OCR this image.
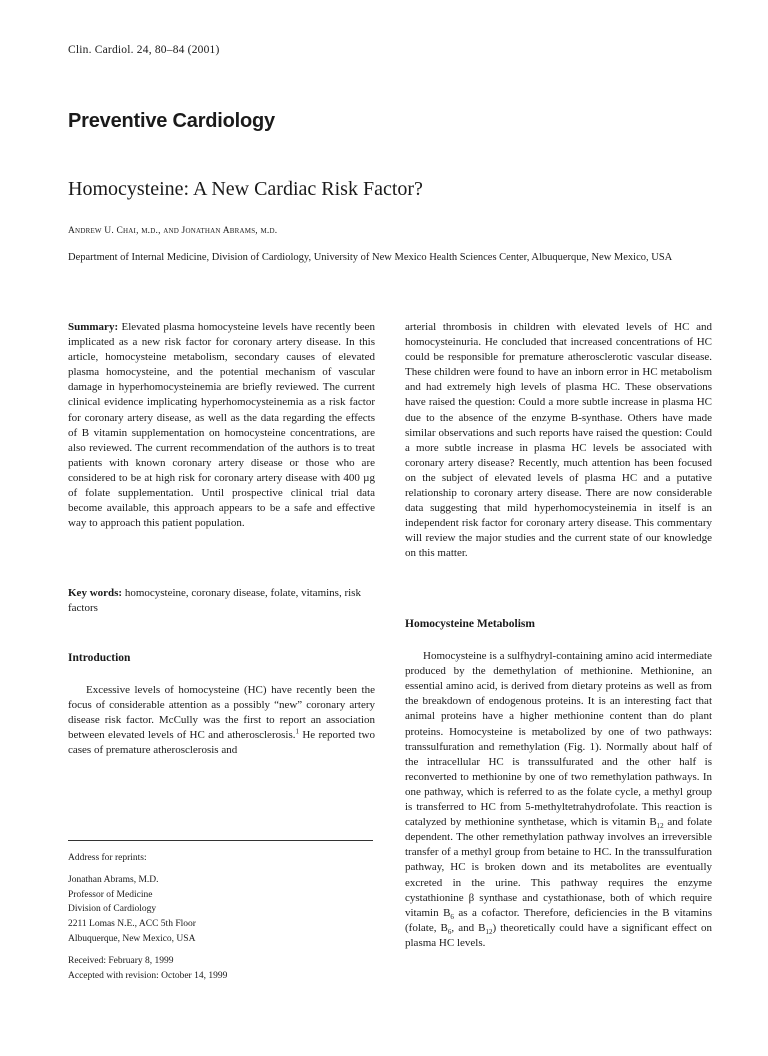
Clin. Cardiol. 24, 80–84 (2001)
Preventive Cardiology
Homocysteine: A New Cardiac Risk Factor?
Andrew U. Chai, m.d., and Jonathan Abrams, m.d.
Department of Internal Medicine, Division of Cardiology, University of New Mexico Health Sciences Center, Albuquerque, New Mexico, USA

Summary: Elevated plasma homocysteine levels have recently been implicated as a new risk factor for coronary artery disease. In this article, homocysteine metabolism, secondary causes of elevated plasma homocysteine, and the potential mechanism of vascular damage in hyperhomocysteinemia are briefly reviewed. The current clinical evidence implicating hyperhomocysteinemia as a risk factor for coronary artery disease, as well as the data regarding the effects of B vitamin supplementation on homocysteine concentrations, are also reviewed. The current recommendation of the authors is to treat patients with known coronary artery disease or those who are considered to be at high risk for coronary artery disease with 400 µg of folate supplementation. Until prospective clinical trial data become available, this approach appears to be a safe and effective way to approach this patient population.

Key words: homocysteine, coronary disease, folate, vitamins, risk factors

Introduction

Excessive levels of homocysteine (HC) have recently been the focus of considerable attention as a possibly “new” coronary artery disease risk factor. McCully was the first to report an association between elevated levels of HC and atherosclerosis.$^1$ He reported two cases of premature atherosclerosis and

Address for reprints:

Jonathan Abrams, M.D.

Professor of Medicine

Division of Cardiology

2211 Lomas N.E., ACC 5th Floor

Albuquerque, New Mexico, USA

Received: February 8, 1999

Accepted with revision: October 14, 1999

arterial thrombosis in children with elevated levels of HC and homocysteinuria. He concluded that increased concentrations of HC could be responsible for premature atherosclerotic vascular disease. These children were found to have an inborn error in HC metabolism and had extremely high levels of plasma HC. These observations have raised the question: Could a more subtle increase in plasma HC due to the absence of the enzyme B-synthase. Others have made similar observations and such reports have raised the question: Could a more subtle increase in plasma HC levels be associated with coronary artery disease? Recently, much attention has been focused on the subject of elevated levels of plasma HC and a putative relationship to coronary artery disease. There are now considerable data suggesting that mild hyperhomocysteinemia in itself is an independent risk factor for coronary artery disease. This commentary will review the major studies and the current state of our knowledge on this matter.

Homocysteine Metabolism

Homocysteine is a sulfhydryl-containing amino acid intermediate produced by the demethylation of methionine. Methionine, an essential amino acid, is derived from dietary proteins as well as from the breakdown of endogenous proteins. It is an interesting fact that animal proteins have a higher methionine content than do plant proteins. Homocysteine is metabolized by one of two pathways: transsulfuration and remethylation (Fig. 1). Normally about half of the intracellular HC is transsulfurated and the other half is reconverted to methionine by one of two remethylation pathways. In one pathway, which is referred to as the folate cycle, a methyl group is transferred to HC from 5-methyltetrahydrofolate. This reaction is catalyzed by methionine synthetase, which is vitamin $B_{12}$ and folate dependent. The other remethylation pathway involves an irreversible transfer of a methyl group from betaine to HC. In the transsulfuration pathway, HC is broken down and its metabolites are eventually excreted in the urine. This pathway requires the enzyme cystathionine β synthase and cystathionase, both of which require vitamin $B_6$ as a cofactor. Therefore, deficiencies in the B vitamins (folate, $B_6$, and $B_{12}$) theoretically could have a significant effect on plasma HC levels.
